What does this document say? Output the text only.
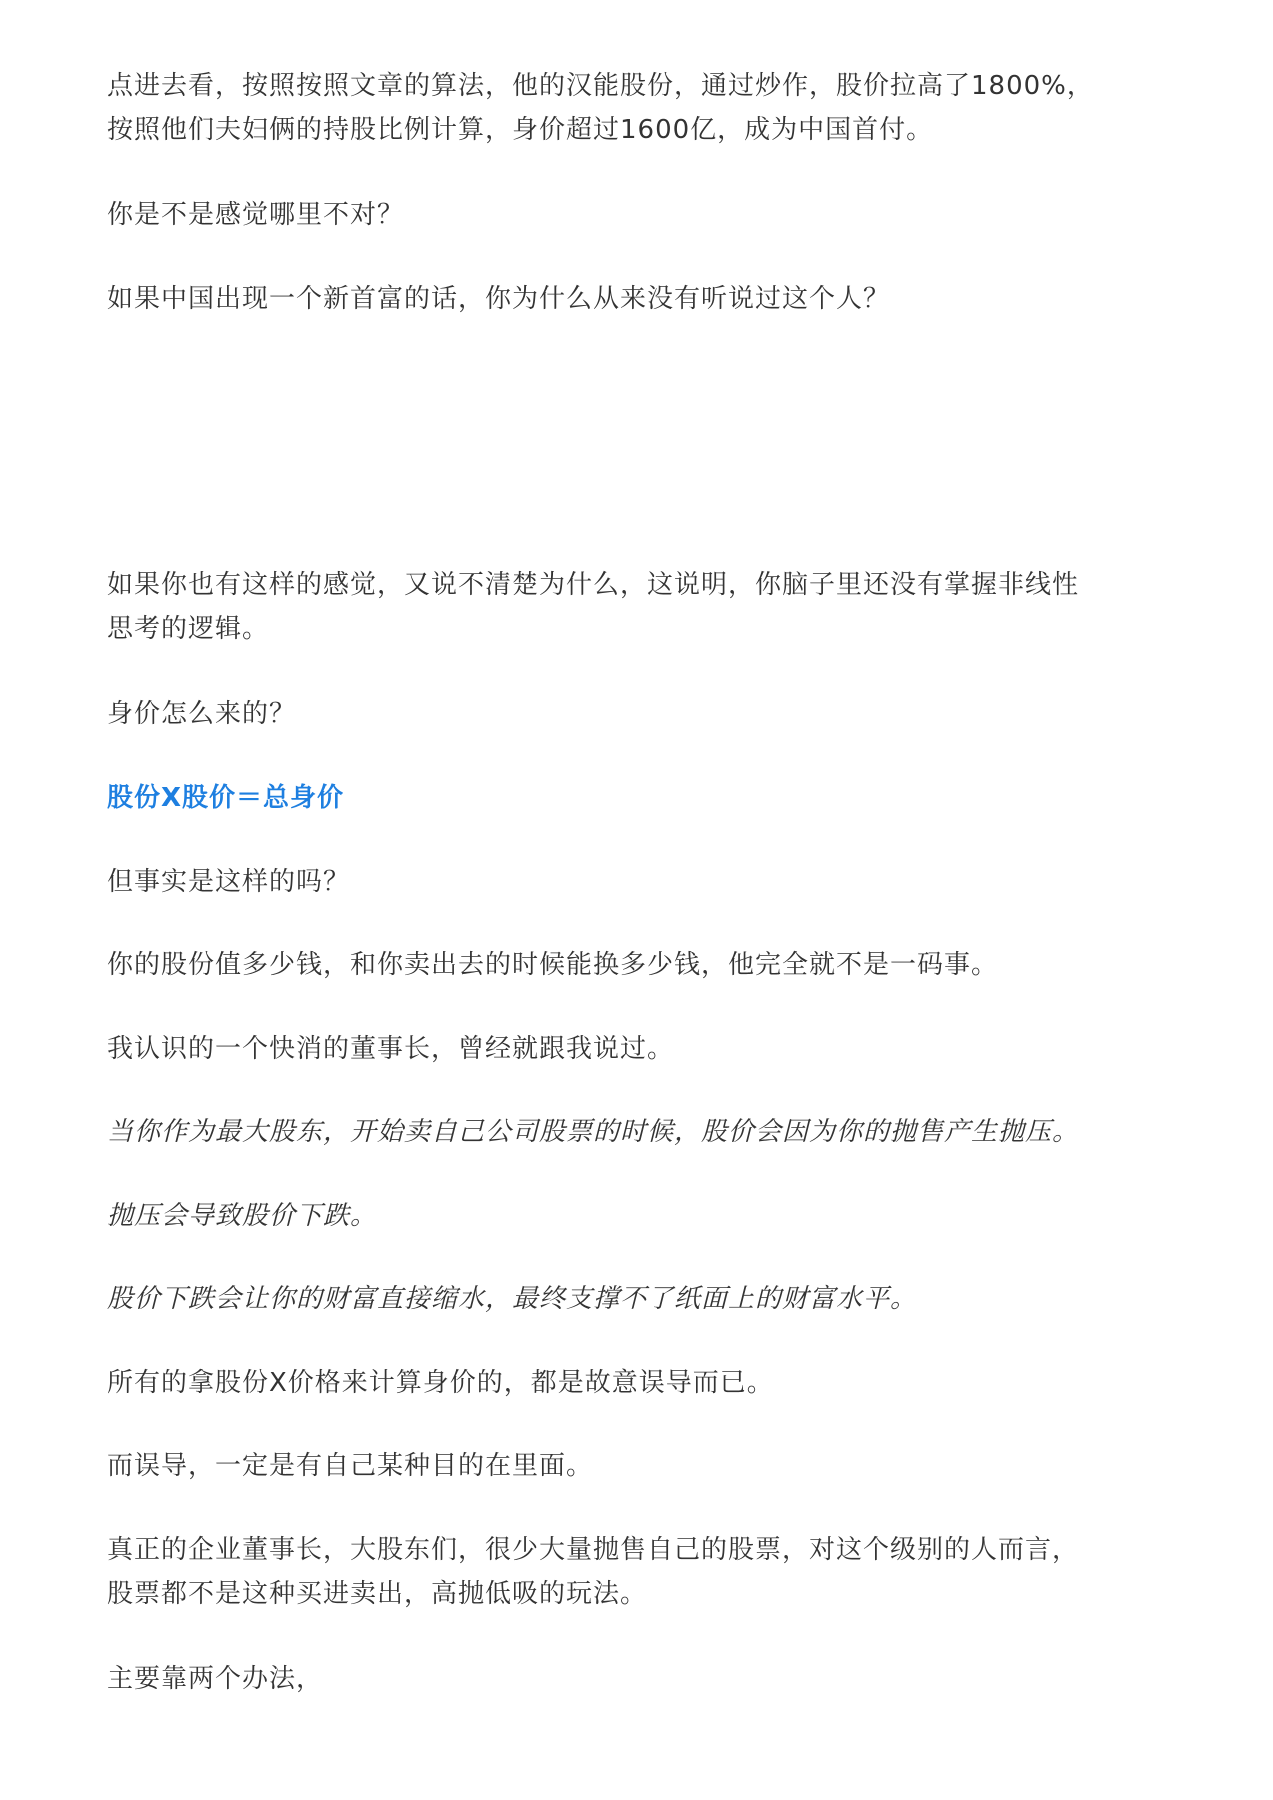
点进去看，按照按照文章的算法，他的汉能股份，通过炒作，股价拉高了1800%，
按照他们夫妇俩的持股比例计算，身价超过1600亿，成为中国首付。

你是不是感觉哪里不对？

如果中国出现一个新首富的话，你为什么从来没有听说过这个人？

如果你也有这样的感觉，又说不清楚为什么，这说明，你脑子里还没有掌握非线性
思考的逻辑。

身价怎么来的？

股份X股价＝总身价

但事实是这样的吗？

你的股份值多少钱，和你卖出去的时候能换多少钱，他完全就不是一码事。

我认识的一个快消的董事长，曾经就跟我说过。

当你作为最大股东，开始卖自己公司股票的时候，股价会因为你的抛售产生抛压。

抛压会导致股价下跌。

股价下跌会让你的财富直接缩水，最终支撑不了纸面上的财富水平。

所有的拿股份X价格来计算身价的，都是故意误导而已。

而误导，一定是有自己某种目的在里面。

真正的企业董事长，大股东们，很少大量抛售自己的股票，对这个级别的人而言，
股票都不是这种买进卖出，高抛低吸的玩法。

主要靠两个办法，
